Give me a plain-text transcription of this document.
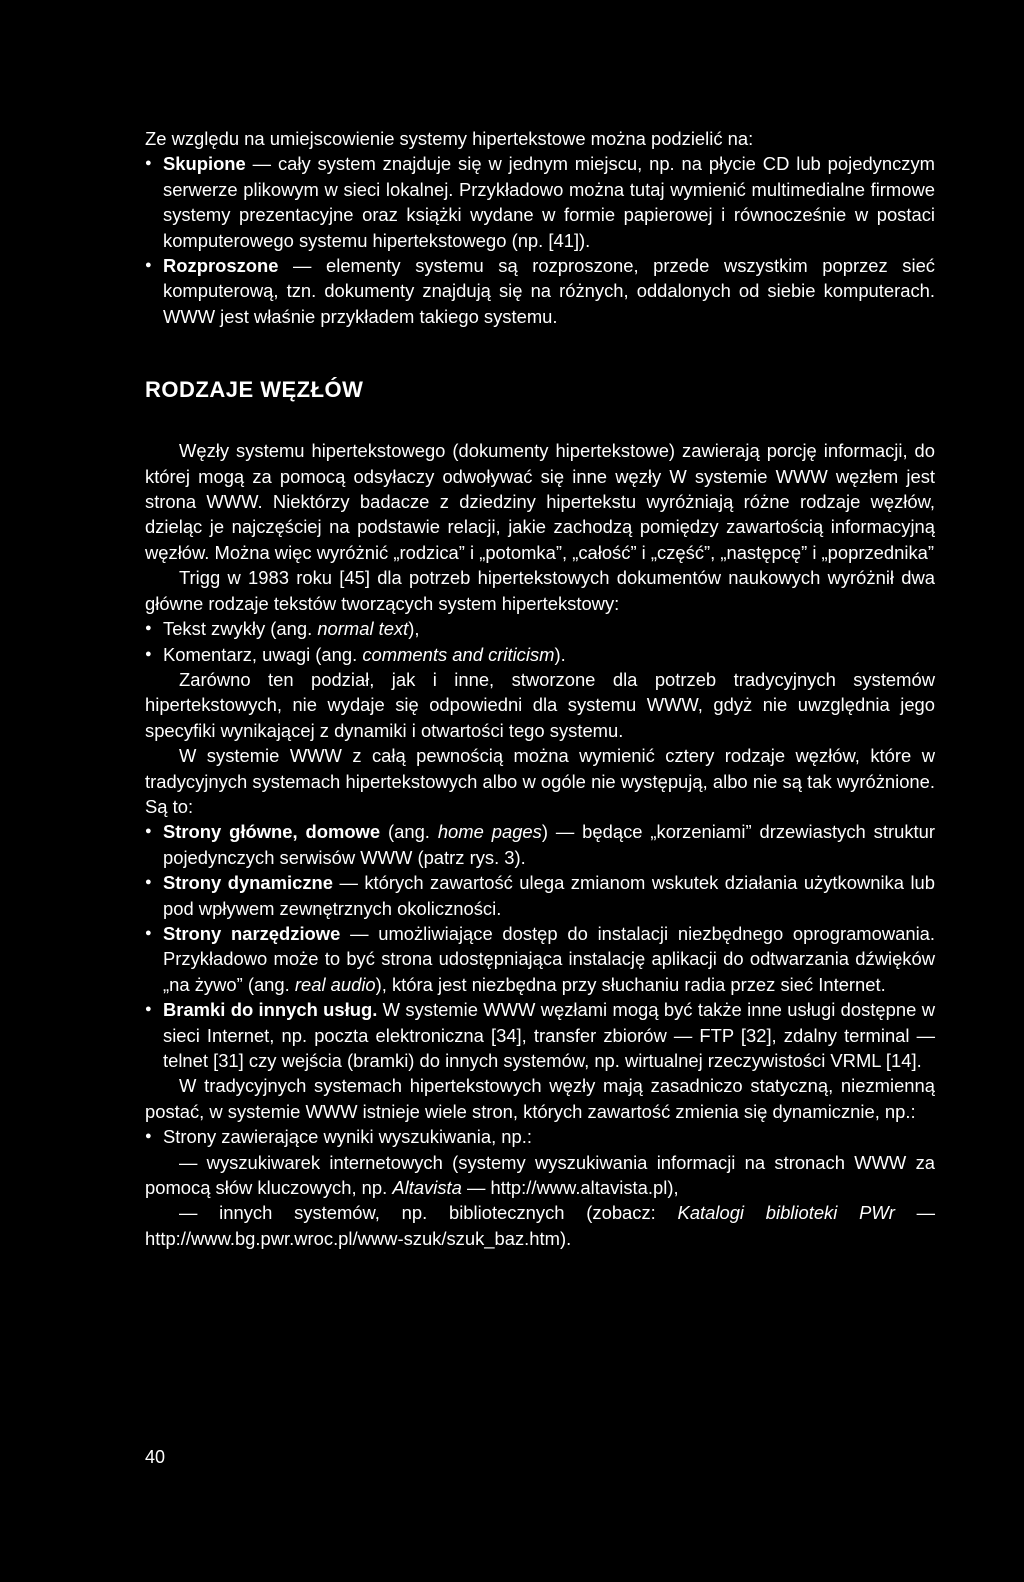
Ze względu na umiejscowienie systemy hipertekstowe można podzielić na:

● Skupione — cały system znajduje się w jednym miejscu, np. na płycie CD lub pojedynczym serwerze plikowym w sieci lokalnej. Przykładowo można tutaj wymienić multimedialne firmowe systemy prezentacyjne oraz książki wydane w formie papierowej i równocześnie w postaci komputerowego systemu hipertekstowego (np. [41]).

● Rozproszone — elementy systemu są rozproszone, przede wszystkim poprzez sieć komputerową, tzn. dokumenty znajdują się na różnych, oddalonych od siebie komputerach. WWW jest właśnie przykładem takiego systemu.

RODZAJE WĘZŁÓW

Węzły systemu hipertekstowego (dokumenty hipertekstowe) zawierają porcję informacji, do której mogą za pomocą odsyłaczy odwoływać się inne węzły W systemie WWW węzłem jest strona WWW. Niektórzy badacze z dziedziny hipertekstu wyróżniają różne rodzaje węzłów, dzieląc je najczęściej na podstawie relacji, jakie zachodzą pomiędzy zawartością informacyjną węzłów. Można więc wyróżnić „rodzica” i „potomka”, „całość” i „część”, „następcę” i „poprzednika”

Trigg w 1983 roku [45] dla potrzeb hipertekstowych dokumentów naukowych wyróżnił dwa główne rodzaje tekstów tworzących system hipertekstowy:

● Tekst zwykły (ang. normal text),

● Komentarz, uwagi (ang. comments and criticism).

Zarówno ten podział, jak i inne, stworzone dla potrzeb tradycyjnych systemów hipertekstowych, nie wydaje się odpowiedni dla systemu WWW, gdyż nie uwzględnia jego specyfiki wynikającej z dynamiki i otwartości tego systemu.

W systemie WWW z całą pewnością można wymienić cztery rodzaje węzłów, które w tradycyjnych systemach hipertekstowych albo w ogóle nie występują, albo nie są tak wyróżnione. Są to:

● Strony główne, domowe (ang. home pages) — będące „korzeniami” drzewiastych struktur pojedynczych serwisów WWW (patrz rys. 3).

● Strony dynamiczne — których zawartość ulega zmianom wskutek działania użytkownika lub pod wpływem zewnętrznych okoliczności.

● Strony narzędziowe — umożliwiające dostęp do instalacji niezbędnego oprogramowania. Przykładowo może to być strona udostępniająca instalację aplikacji do odtwarzania dźwięków „na żywo” (ang. real audio), która jest niezbędna przy słuchaniu radia przez sieć Internet.

● Bramki do innych usług. W systemie WWW węzłami mogą być także inne usługi dostępne w sieci Internet, np. poczta elektroniczna [34], transfer zbiorów — FTP [32], zdalny terminal — telnet [31] czy wejścia (bramki) do innych systemów, np. wirtualnej rzeczywistości VRML [14].

W tradycyjnych systemach hipertekstowych węzły mają zasadniczo statyczną, niezmienną postać, w systemie WWW istnieje wiele stron, których zawartość zmienia się dynamicznie, np.:

● Strony zawierające wyniki wyszukiwania, np.:

— wyszukiwarek internetowych (systemy wyszukiwania informacji na stronach WWW za pomocą słów kluczowych, np. Altavista — http://www.altavista.pl),

— innych systemów, np. bibliotecznych (zobacz: Katalogi biblioteki PWr — http://www.bg.pwr.wroc.pl/www-szuk/szuk_baz.htm).

40
